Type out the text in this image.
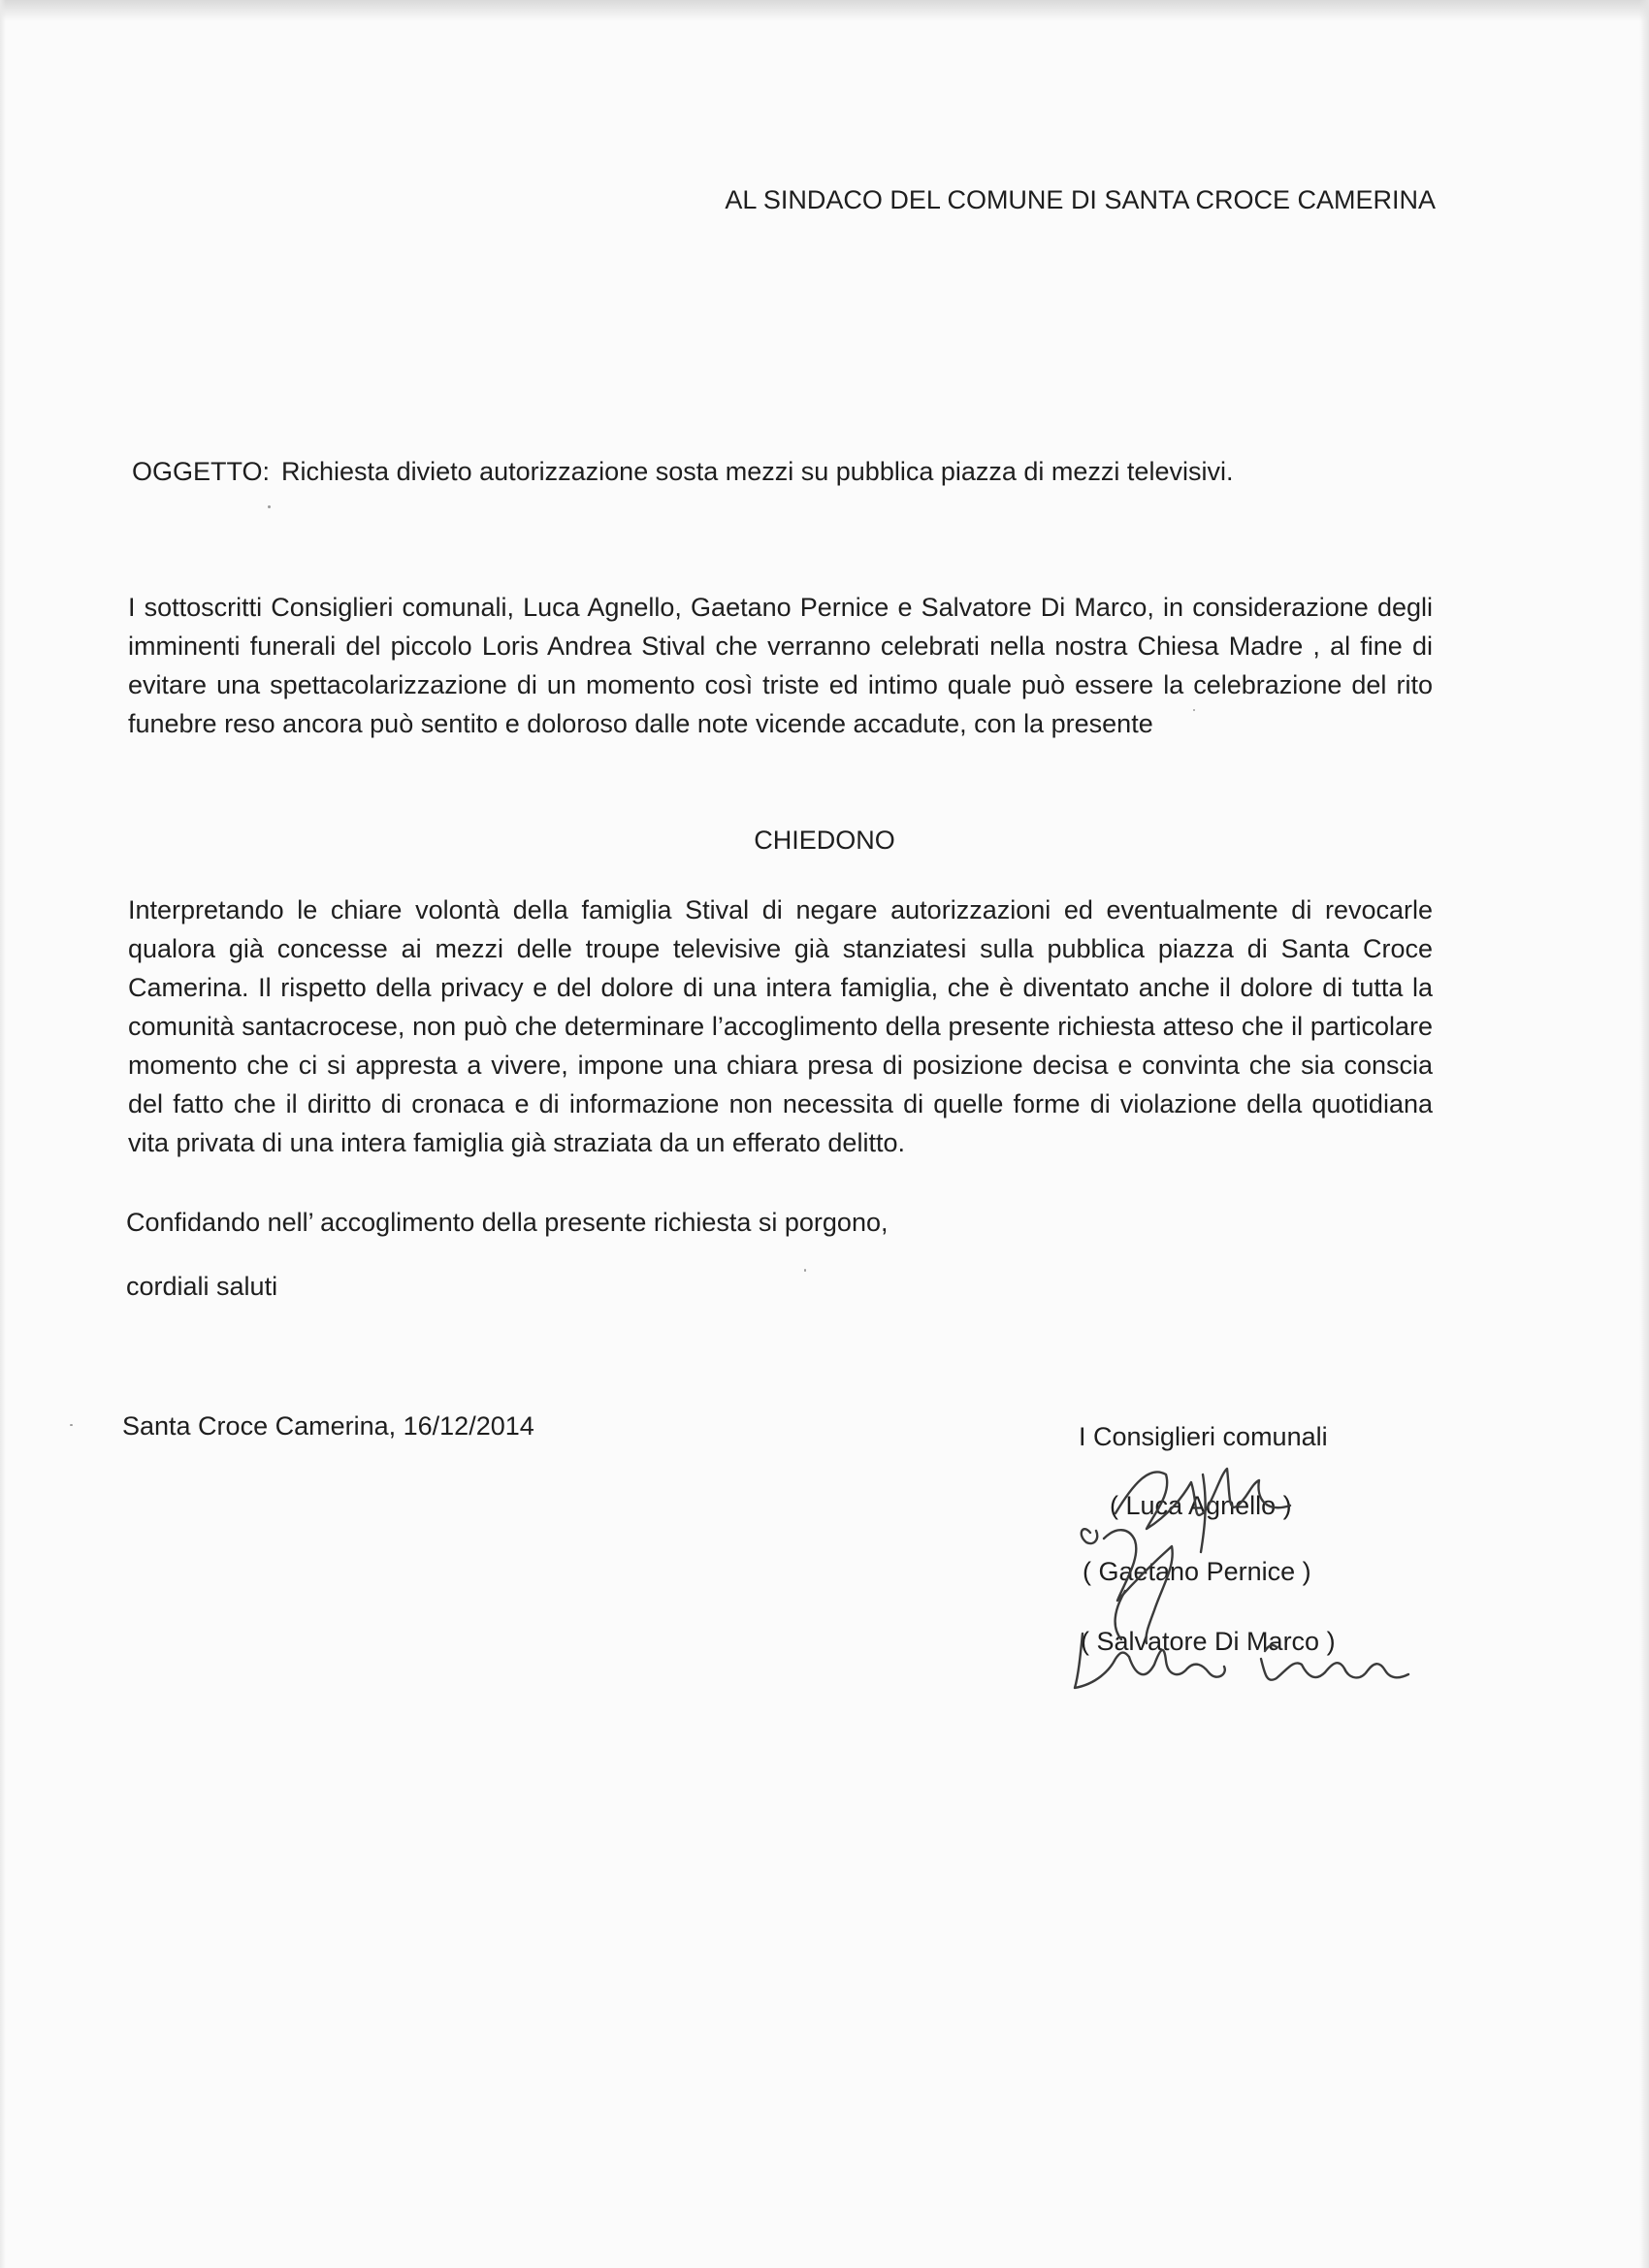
AL SINDACO DEL COMUNE DI SANTA CROCE CAMERINA
OGGETTO: Richiesta divieto autorizzazione sosta mezzi su pubblica piazza di mezzi televisivi.
I sottoscritti Consiglieri comunali, Luca Agnello, Gaetano Pernice e Salvatore Di Marco, in considerazione degli imminenti funerali del piccolo Loris Andrea Stival che verranno celebrati nella nostra Chiesa Madre , al fine di evitare una spettacolarizzazione di un momento così triste ed intimo quale può essere la celebrazione del rito funebre reso ancora può sentito e doloroso dalle note vicende accadute, con la presente
CHIEDONO
Interpretando le chiare volontà della famiglia Stival di negare autorizzazioni ed eventualmente di revocarle qualora già concesse ai mezzi delle troupe televisive già stanziatesi sulla pubblica piazza di Santa Croce Camerina. Il rispetto della privacy e del dolore di una intera famiglia, che è diventato anche il dolore di tutta la comunità santacrocese, non può che determinare l’accoglimento della presente richiesta atteso che il particolare momento che ci si appresta a vivere, impone una chiara presa di posizione decisa e convinta che sia conscia del fatto che il diritto di cronaca e di informazione non necessita di quelle forme di violazione della quotidiana vita privata di una intera famiglia già straziata da un efferato delitto.
Confidando nell’ accoglimento della presente richiesta si porgono,
cordiali saluti
Santa Croce Camerina, 16/12/2014	I Consiglieri comunali
( Luca Agnello )
( Gaetano Pernice )
( Salvatore Di Marco )
